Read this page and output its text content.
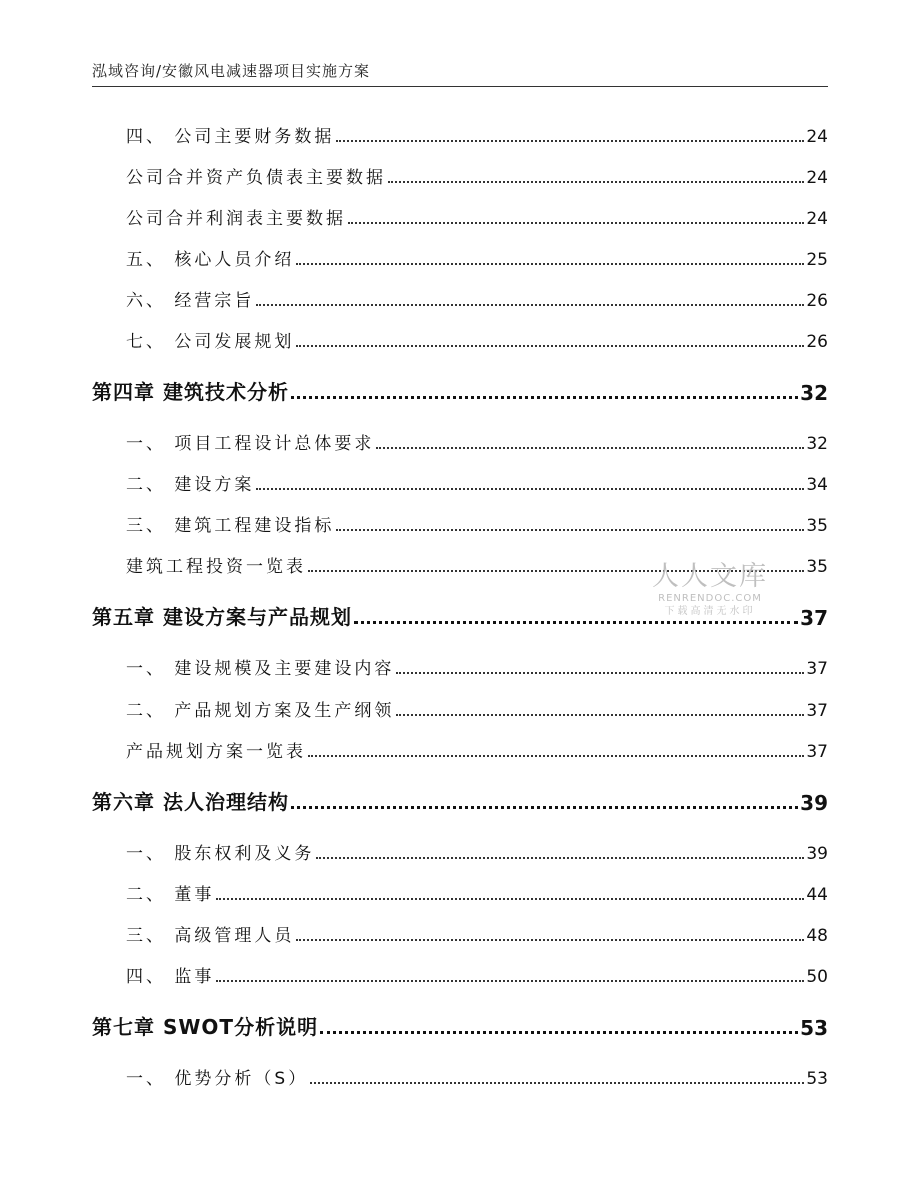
泓域咨询/安徽风电减速器项目实施方案
四、 公司主要财务数据	24
公司合并资产负债表主要数据	24
公司合并利润表主要数据	24
五、 核心人员介绍	25
六、 经营宗旨	26
七、 公司发展规划	26
第四章 建筑技术分析	32
一、 项目工程设计总体要求	32
二、 建设方案	34
三、 建筑工程建设指标	35
建筑工程投资一览表	35
第五章 建设方案与产品规划	37
一、 建设规模及主要建设内容	37
二、 产品规划方案及生产纲领	37
产品规划方案一览表	37
第六章 法人治理结构	39
一、 股东权利及义务	39
二、 董事	44
三、 高级管理人员	48
四、 监事	50
第七章 SWOT分析说明	53
一、 优势分析（S）	53
人人文库
RENRENDOC.COM
下载高清无水印
